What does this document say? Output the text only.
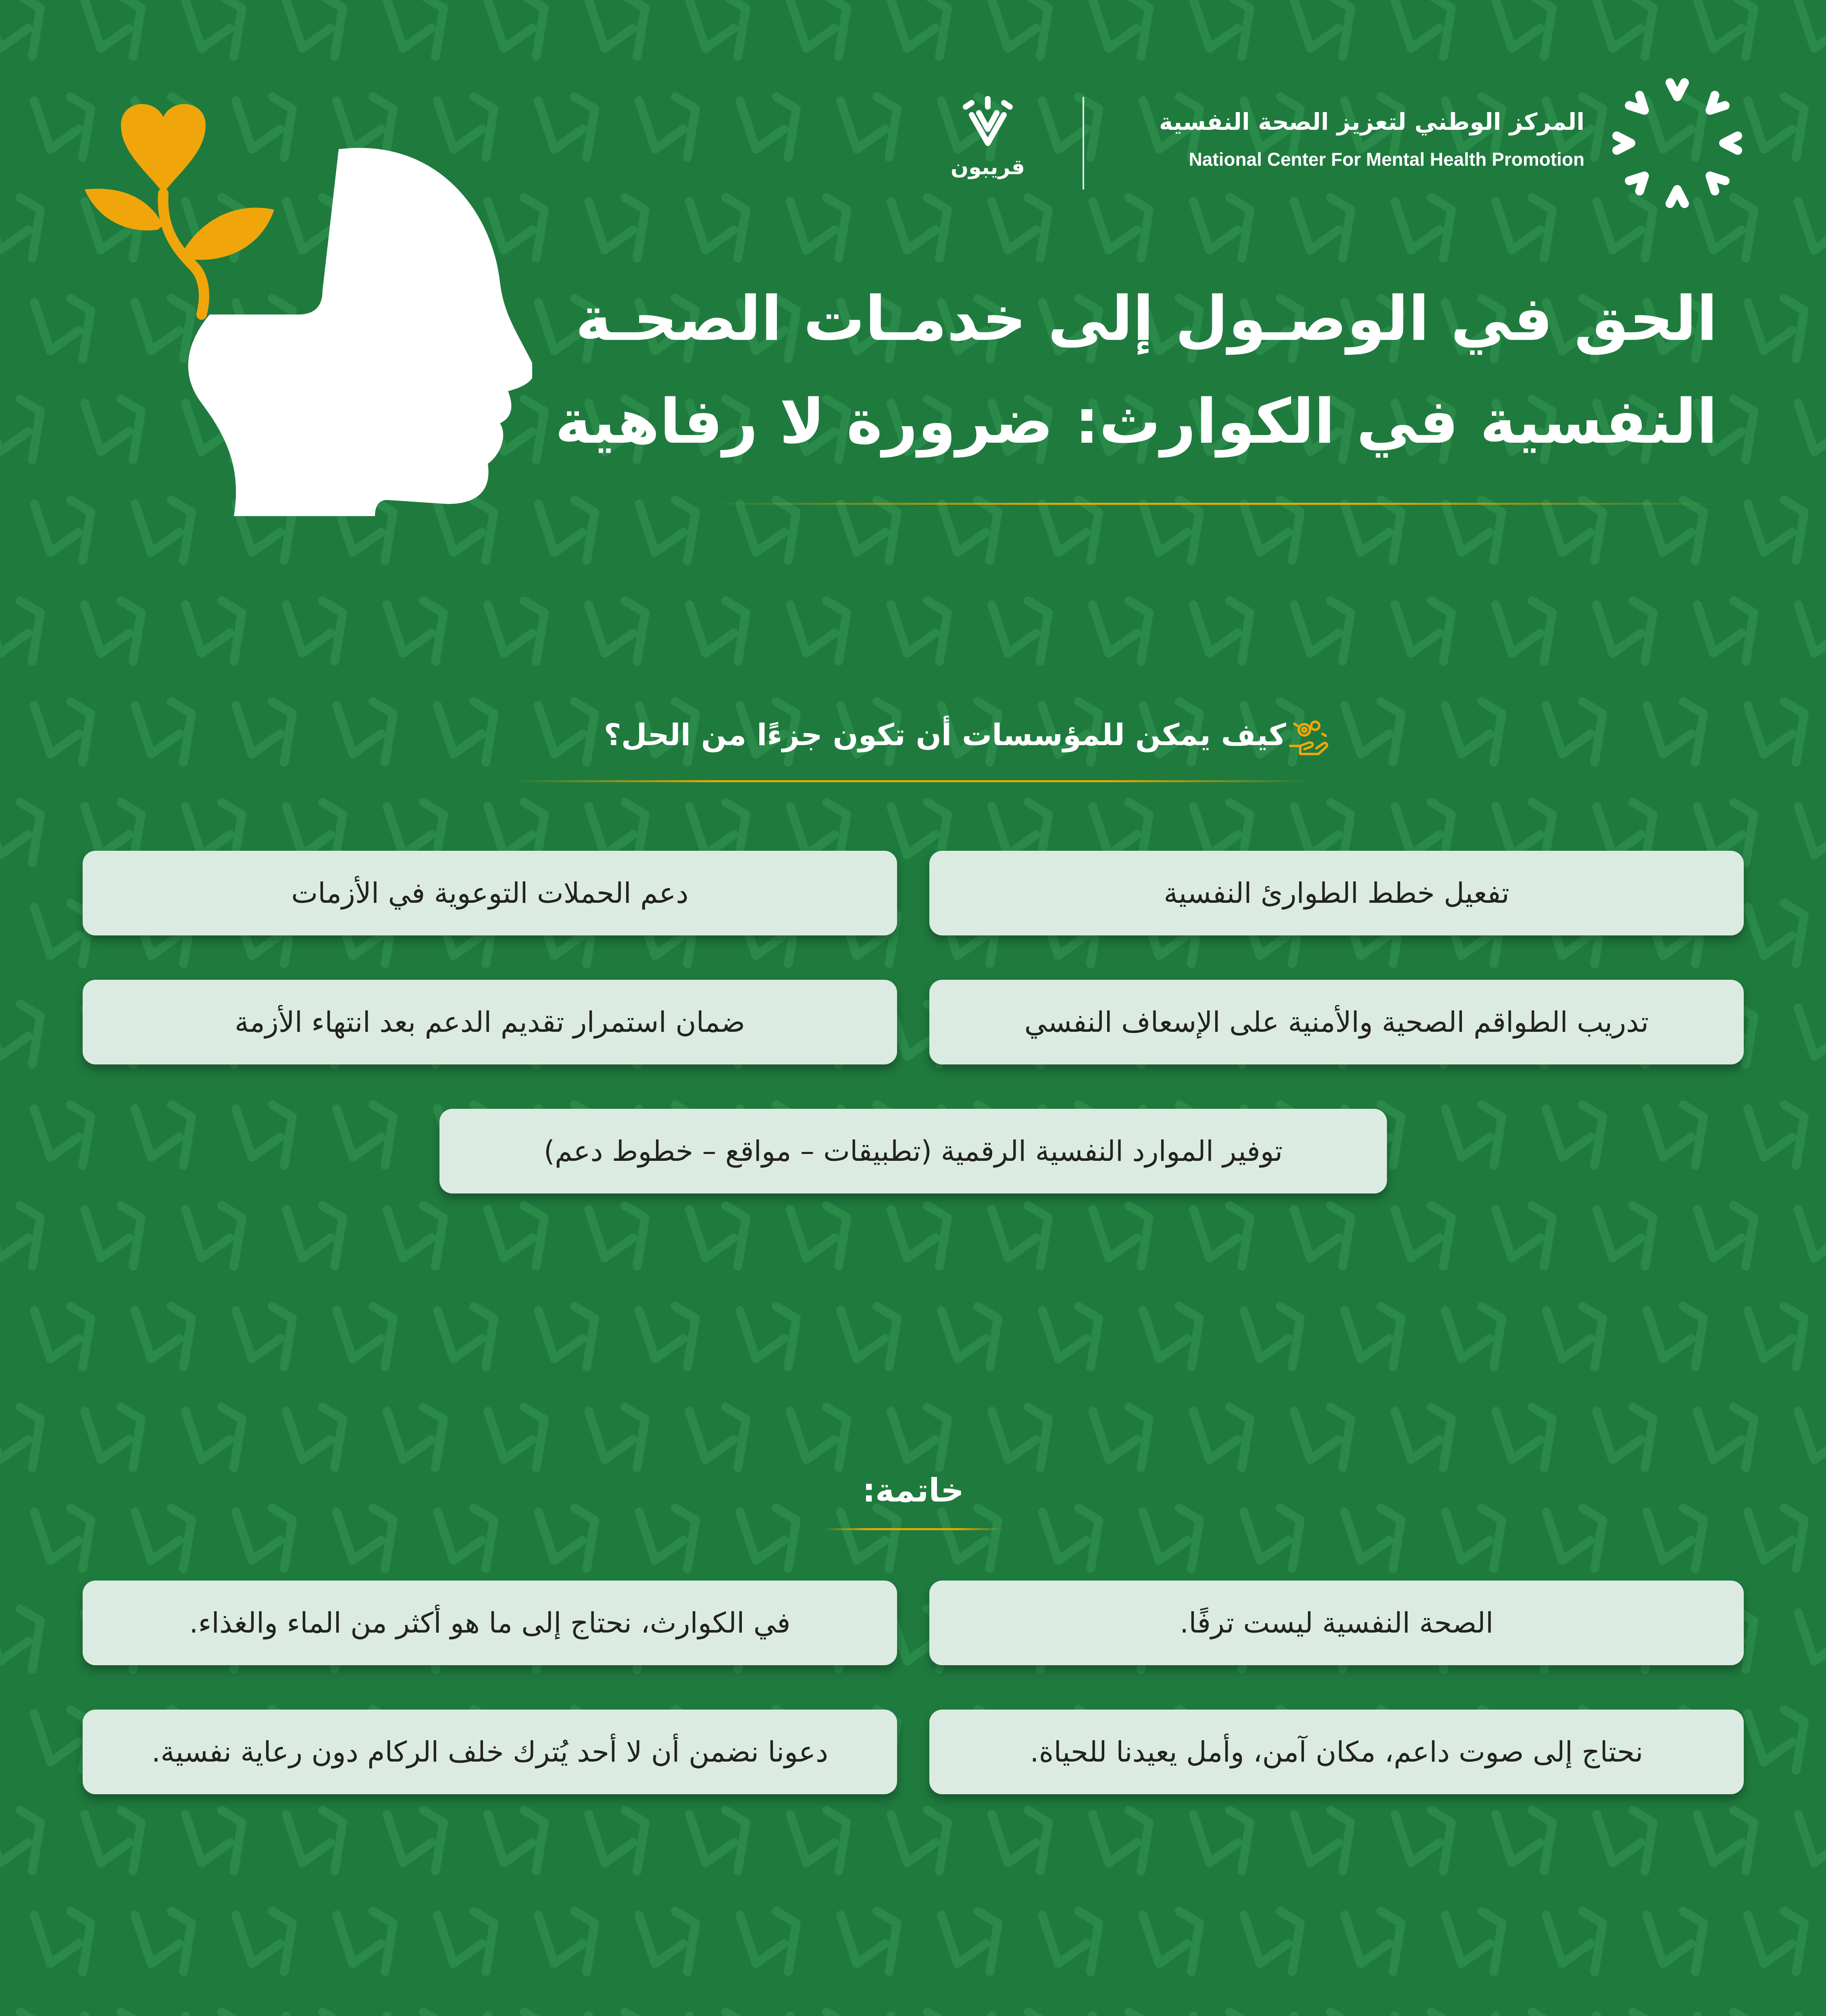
المركز الوطني لتعزيز الصحة النفسية
National Center For Mental Health Promotion
قريبون
الحق في الوصـول إلى خدمـات الصحـة
النفسية في الكوارث: ضرورة لا رفاهية
كيف يمكن للمؤسسات أن تكون جزءًا من الحل؟
تفعيل خطط الطوارئ النفسية
دعم الحملات التوعوية في الأزمات
تدريب الطواقم الصحية والأمنية على الإسعاف النفسي
ضمان استمرار تقديم الدعم بعد انتهاء الأزمة
توفير الموارد النفسية الرقمية (تطبيقات – مواقع – خطوط دعم)
خاتمة:
الصحة النفسية ليست ترفًا.
في الكوارث، نحتاج إلى ما هو أكثر من الماء والغذاء.
نحتاج إلى صوت داعم، مكان آمن، وأمل يعيدنا للحياة.
دعونا نضمن أن لا أحد يُترك خلف الركام دون رعاية نفسية.
